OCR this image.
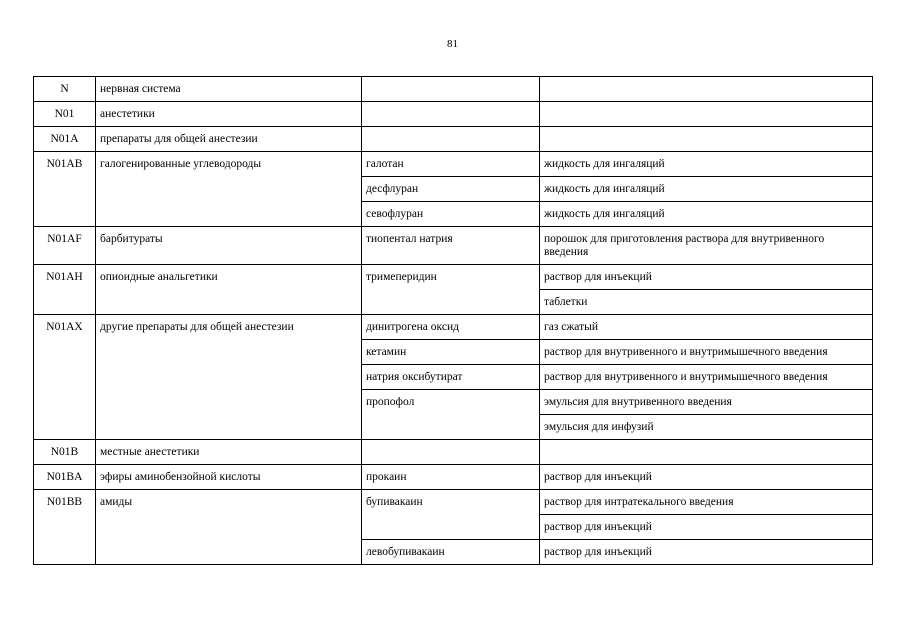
81
N	нервная система		
N01	анестетики		
N01A	препараты для общей анестезии		
N01AB	галогенированные углеводороды	галотан	жидкость для ингаляций
		десфлуран	жидкость для ингаляций
		севофлуран	жидкость для ингаляций
N01AF	барбитураты	тиопентал натрия	порошок для приготовления раствора для внутривенного введения
N01AH	опиоидные анальгетики	тримеперидин	раствор для инъекций
			таблетки
N01AX	другие препараты для общей анестезии	динитрогена оксид	газ сжатый
		кетамин	раствор для внутривенного и внутримышечного введения
		натрия оксибутират	раствор для внутривенного и внутримышечного введения
		пропофол	эмульсия для внутривенного введения
			эмульсия для инфузий
N01B	местные анестетики		
N01BA	эфиры аминобензойной кислоты	прокаин	раствор для инъекций
N01BB	амиды	бупивакаин	раствор для интратекального введения
			раствор для инъекций
		левобупивакаин	раствор для инъекций
